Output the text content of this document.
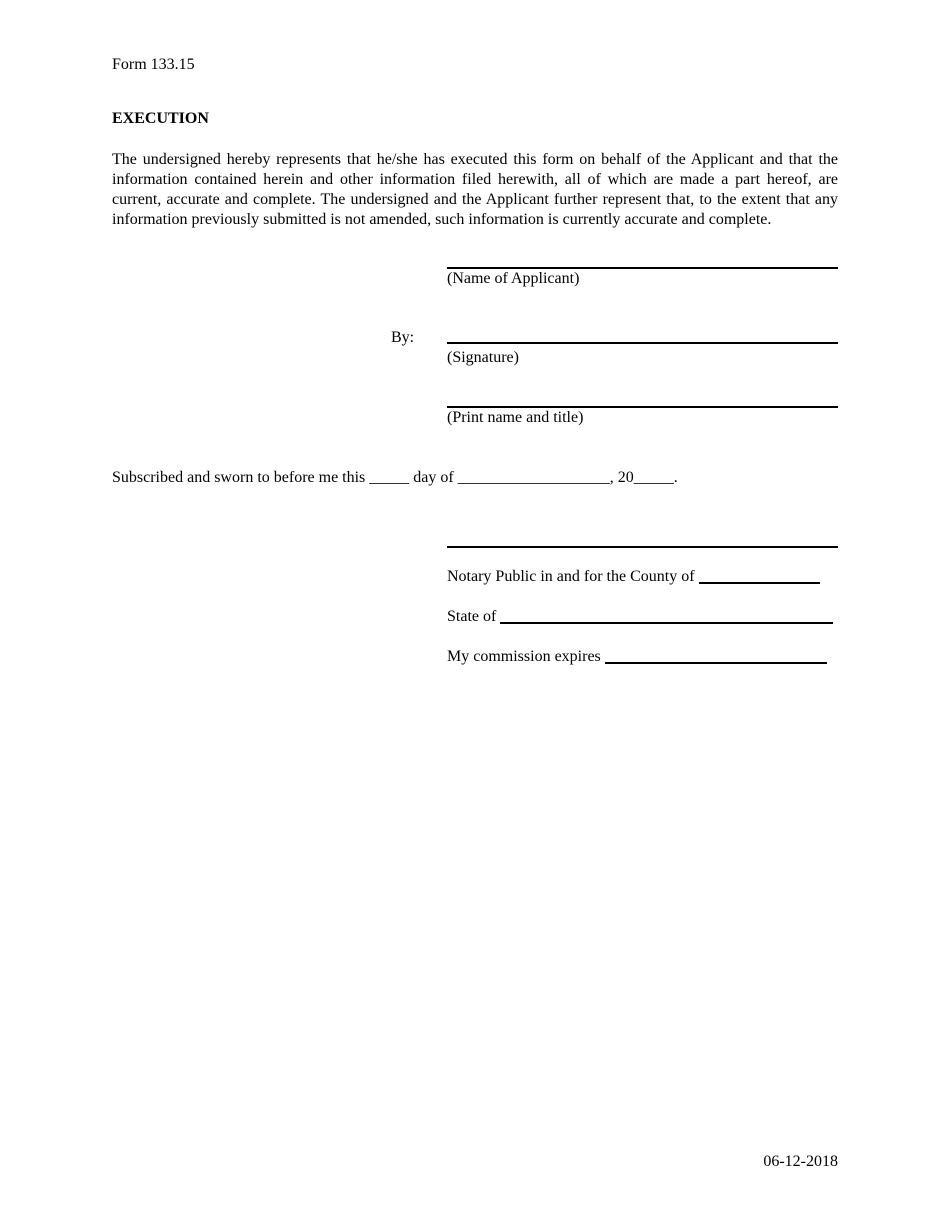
Form 133.15
EXECUTION
The undersigned hereby represents that he/she has executed this form on behalf of the Applicant and that the information contained herein and other information filed herewith, all of which are made a part hereof, are current, accurate and complete. The undersigned and the Applicant further represent that, to the extent that any information previously submitted is not amended, such information is currently accurate and complete.
(Name of Applicant)
By:
(Signature)
(Print name and title)
Subscribed and sworn to before me this _____ day of ___________________, 20_____.
Notary Public in and for the County of
State of
My commission expires
06-12-2018
